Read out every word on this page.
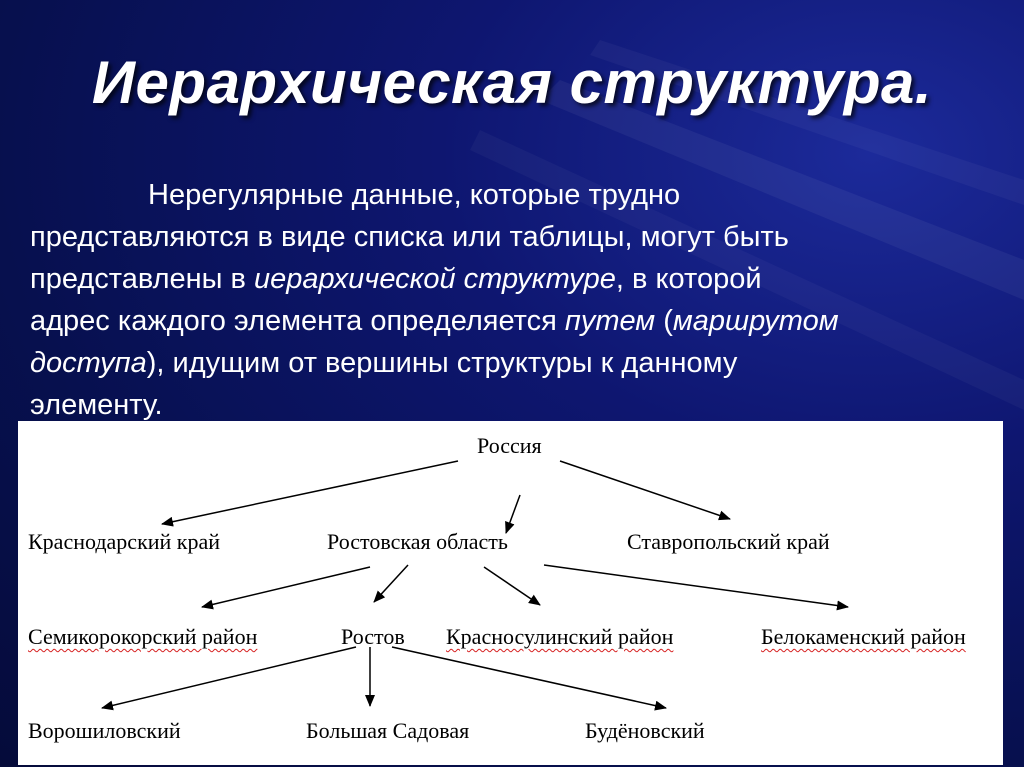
Иерархическая структура.
Нерегулярные данные, которые трудно
представляются в виде списка или таблицы, могут быть
представлены в иерархической структуре, в которой
адрес каждого элемента определяется путем (маршрутом
доступа), идущим от вершины структуры к данному
элементу.
Россия
Краснодарский край	Ростовская область	Ставропольский край
Семикорокорский район	Ростов Красносулинский район	Белокаменский район
Ворошиловский	Большая Садовая	Будёновский
